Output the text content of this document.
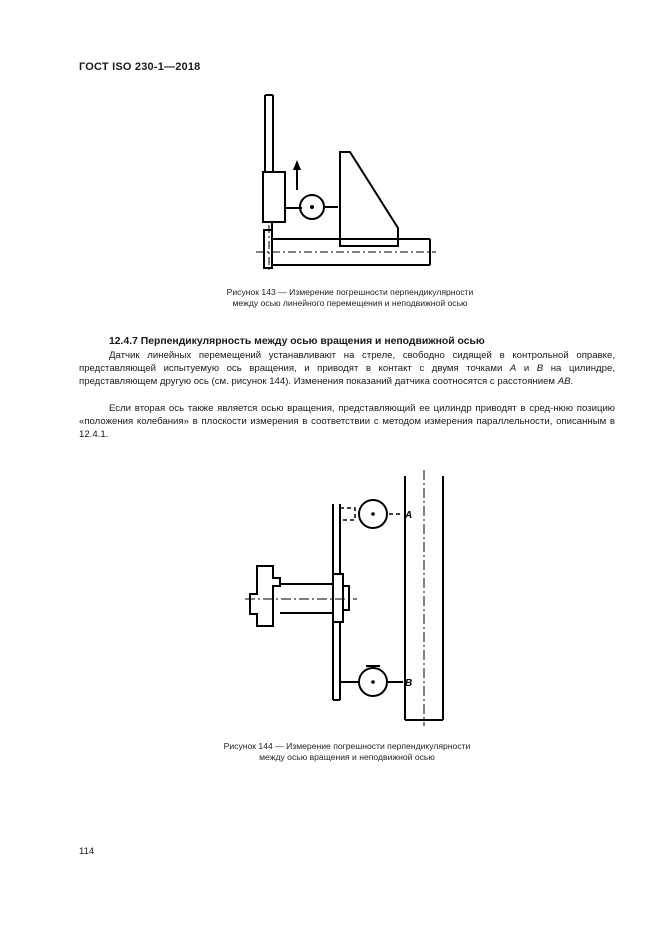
ГОСТ ISO 230-1—2018
Рисунок 143 — Измерение погрешности перпендикулярности
между осью линейного перемещения и неподвижной осью
12.4.7 Перпендикулярность между осью вращения и неподвижной осью

Датчик линейных перемещений устанавливают на стреле, свободно сидящей в контрольной оправке, представляющей испытуемую ось вращения, и приводят в контакт с двумя точками A и B на цилиндре, представляющем другую ось (см. рисунок 144). Изменения показаний датчика соотносятся с расстоянием AB.

Если вторая ось также является осью вращения, представляющий ее цилиндр приводят в сред-нюю позицию «положения колебания» в плоскости измерения в соответствии с методом измерения параллельности, описанным в 12.4.1.

A
B
Рисунок 144 — Измерение погрешности перпендикулярности
между осью вращения и неподвижной осью
114
